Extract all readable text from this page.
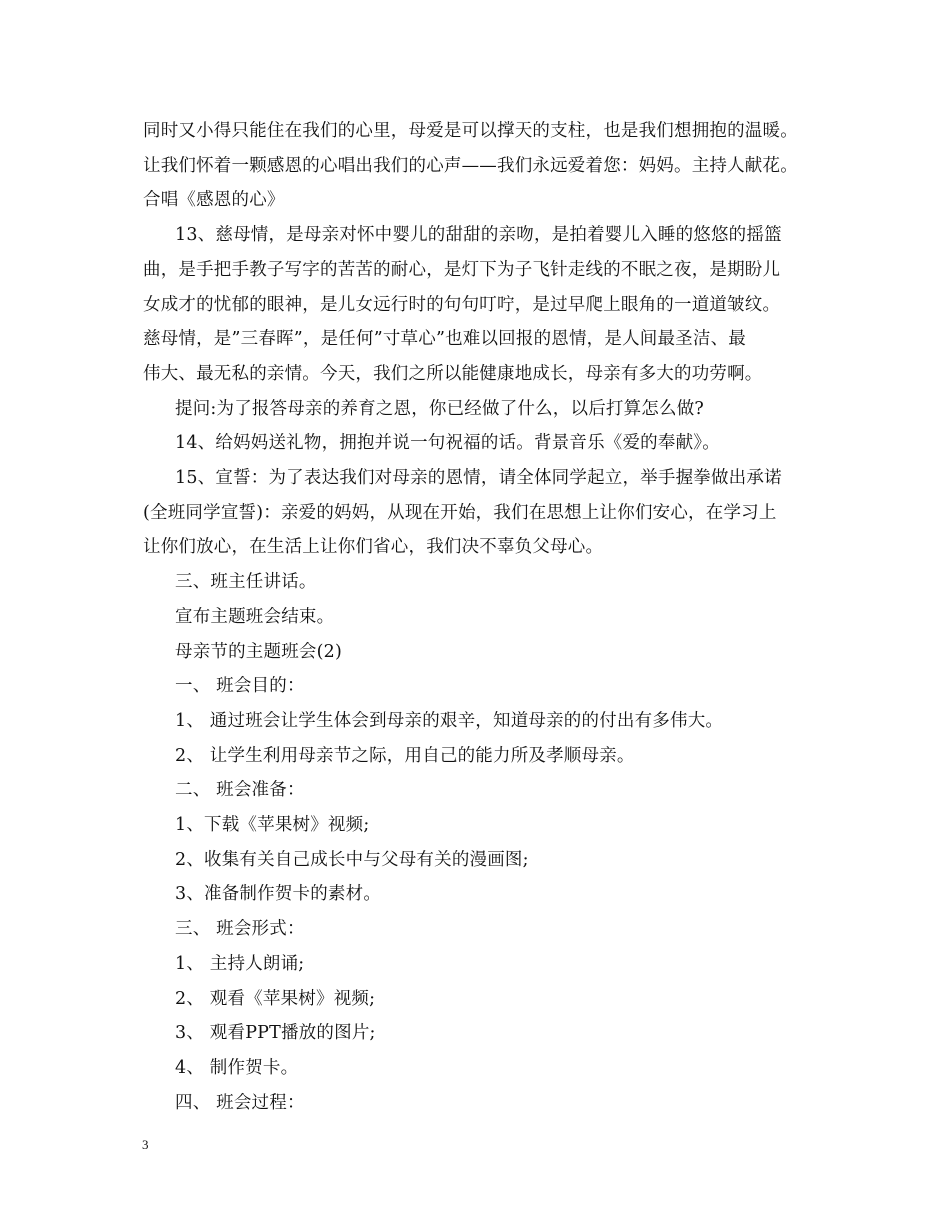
同时又小得只能住在我们的心里，母爱是可以撑天的支柱，也是我们想拥抱的温暖。

让我们怀着一颗感恩的心唱出我们的心声——我们永远爱着您：妈妈。主持人献花。

合唱《感恩的心》

13、慈母情，是母亲对怀中婴儿的甜甜的亲吻，是拍着婴儿入睡的悠悠的摇篮

曲，是手把手教子写字的苦苦的耐心，是灯下为子飞针走线的不眠之夜，是期盼儿

女成才的忧郁的眼神，是儿女远行时的句句叮咛，是过早爬上眼角的一道道皱纹。

慈母情，是”三春晖”，是任何”寸草心”也难以回报的恩情，是人间最圣洁、最

伟大、最无私的亲情。今天，我们之所以能健康地成长，母亲有多大的功劳啊。

提问:为了报答母亲的养育之恩，你已经做了什么，以后打算怎么做?

14、给妈妈送礼物，拥抱并说一句祝福的话。背景音乐《爱的奉献》。

15、宣誓：为了表达我们对母亲的恩情，请全体同学起立，举手握拳做出承诺

(全班同学宣誓)：亲爱的妈妈，从现在开始，我们在思想上让你们安心，在学习上

让你们放心，在生活上让你们省心，我们决不辜负父母心。

三、班主任讲话。

宣布主题班会结束。

母亲节的主题班会(2)

一、 班会目的：

1、 通过班会让学生体会到母亲的艰辛，知道母亲的的付出有多伟大。

2、 让学生利用母亲节之际，用自己的能力所及孝顺母亲。

二、 班会准备：

1、下载《苹果树》视频;

2、收集有关自己成长中与父母有关的漫画图;

3、准备制作贺卡的素材。

三、 班会形式：

1、 主持人朗诵;

2、 观看《苹果树》视频;

3、 观看PPT播放的图片;

4、 制作贺卡。

四、 班会过程：

3
